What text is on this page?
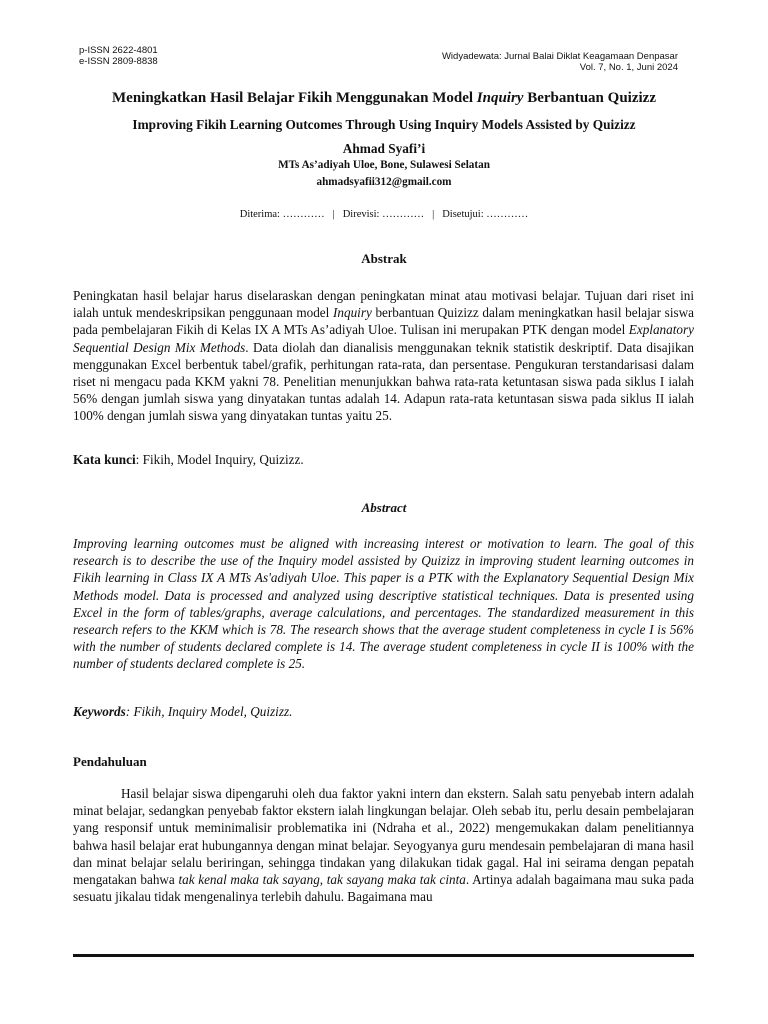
p-ISSN 2622-4801
e-ISSN 2809-8838	Widyadewata: Jurnal Balai Diklat Keagamaan Denpasar
Vol. 7, No. 1, Juni 2024
Meningkatkan Hasil Belajar Fikih Menggunakan Model Inquiry Berbantuan Quizizz
Improving Fikih Learning Outcomes Through Using Inquiry Models Assisted by Quizizz
Ahmad Syafi’i
MTs As’adiyah Uloe, Bone, Sulawesi Selatan
ahmadsyafii312@gmail.com
Diterima: ………… | Direvisi: ………… | Disetujui: …………
Abstrak

Peningkatan hasil belajar harus diselaraskan dengan peningkatan minat atau motivasi belajar. Tujuan dari riset ini ialah untuk mendeskripsikan penggunaan model Inquiry berbantuan Quizizz dalam meningkatkan hasil belajar siswa pada pembelajaran Fikih di Kelas IX A MTs As’adiyah Uloe. Tulisan ini merupakan PTK dengan model Explanatory Sequential Design Mix Methods. Data diolah dan dianalisis menggunakan teknik statistik deskriptif. Data disajikan menggunakan Excel berbentuk tabel/grafik, perhitungan rata-rata, dan persentase. Pengukuran terstandarisasi dalam riset ni mengacu pada KKM yakni 78. Penelitian menunjukkan bahwa rata-rata ketuntasan siswa pada siklus I ialah 56% dengan jumlah siswa yang dinyatakan tuntas adalah 14. Adapun rata-rata ketuntasan siswa pada siklus II ialah 100% dengan jumlah siswa yang dinyatakan tuntas yaitu 25.

Kata kunci: Fikih, Model Inquiry, Quizizz.

Abstract

Improving learning outcomes must be aligned with increasing interest or motivation to learn. The goal of this research is to describe the use of the Inquiry model assisted by Quizizz in improving student learning outcomes in Fikih learning in Class IX A MTs As'adiyah Uloe. This paper is a PTK with the Explanatory Sequential Design Mix Methods model. Data is processed and analyzed using descriptive statistical techniques. Data is presented using Excel in the form of tables/graphs, average calculations, and percentages. The standardized measurement in this research refers to the KKM which is 78. The research shows that the average student completeness in cycle I is 56% with the number of students declared complete is 14. The average student completeness in cycle II is 100% with the number of students declared complete is 25.

Keywords: Fikih, Inquiry Model, Quizizz.

Pendahuluan

Hasil belajar siswa dipengaruhi oleh dua faktor yakni intern dan ekstern. Salah satu penyebab intern adalah minat belajar, sedangkan penyebab faktor ekstern ialah lingkungan belajar. Oleh sebab itu, perlu desain pembelajaran yang responsif untuk meminimalisir problematika ini (Ndraha et al., 2022) mengemukakan dalam penelitiannya bahwa hasil belajar erat hubungannya dengan minat belajar. Seyogyanya guru mendesain pembelajaran di mana hasil dan minat belajar selalu beriringan, sehingga tindakan yang dilakukan tidak gagal. Hal ini seirama dengan pepatah mengatakan bahwa tak kenal maka tak sayang, tak sayang maka tak cinta. Artinya adalah bagaimana mau suka pada sesuatu jikalau tidak mengenalinya terlebih dahulu. Bagaimana mau
